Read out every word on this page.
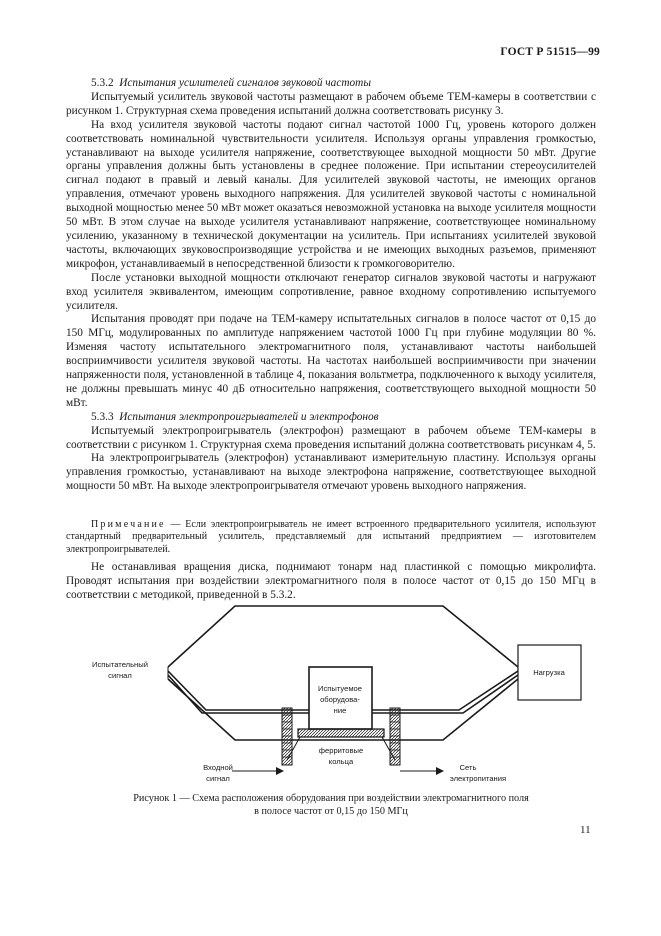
ГОСТ Р 51515—99

5.3.2 Испытания усилителей сигналов звуковой частоты

Испытуемый усилитель звуковой частоты размещают в рабочем объеме ТЕМ-камеры в соответствии с рисунком 1. Структурная схема проведения испытаний должна соответствовать рисунку 3.

На вход усилителя звуковой частоты подают сигнал частотой 1000 Гц, уровень которого должен соответствовать номинальной чувствительности усилителя. Используя органы управления громкостью, устанавливают на выходе усилителя напряжение, соответствующее выходной мощности 50 мВт. Другие органы управления должны быть установлены в среднее положение. При испытании стереоусилителей сигнал подают в правый и левый каналы. Для усилителей звуковой частоты, не имеющих органов управления, отмечают уровень выходного напряжения. Для усилителей звуковой частоты с номинальной выходной мощностью менее 50 мВт может оказаться невозможной установка на выходе усилителя мощности 50 мВт. В этом случае на выходе усилителя устанавливают напряжение, соответствующее номинальному усилению, указанному в технической документации на усилитель. При испытаниях усилителей звуковой частоты, включающих звуковоспроизводящие устройства и не имеющих выходных разъемов, применяют микрофон, устанавливаемый в непосредственной близости к громкоговорителю.

После установки выходной мощности отключают генератор сигналов звуковой частоты и нагружают вход усилителя эквивалентом, имеющим сопротивление, равное входному сопротивлению испытуемого усилителя.

Испытания проводят при подаче на ТЕМ-камеру испытательных сигналов в полосе частот от 0,15 до 150 МГц, модулированных по амплитуде напряжением частотой 1000 Гц при глубине модуляции 80 %. Изменяя частоту испытательного электромагнитного поля, устанавливают частоты наибольшей восприимчивости усилителя звуковой частоты. На частотах наибольшей восприимчивости при значении напряженности поля, установленной в таблице 4, показания вольтметра, подключенного к выходу усилителя, не должны превышать минус 40 дБ относительно напряжения, соответствующего выходной мощности 50 мВт.

5.3.3 Испытания электропроигрывателей и электрофонов

Испытуемый электропроигрыватель (электрофон) размещают в рабочем объеме ТЕМ-камеры в соответствии с рисунком 1. Структурная схема проведения испытаний должна соответствовать рисункам 4, 5.

На электропроигрыватель (электрофон) устанавливают измерительную пластину. Используя органы управления громкостью, устанавливают на выходе электрофона напряжение, соответствующее выходной мощности 50 мВт. На выходе электропроигрывателя отмечают уровень выходного напряжения.

Примечание — Если электропроигрыватель не имеет встроенного предварительного усилителя, используют стандартный предварительный усилитель, представляемый для испытаний предприятием — изготовителем электропроигрывателей.

Не останавливая вращения диска, поднимают тонарм над пластинкой с помощью микролифта. Проводят испытания при воздействии электромагнитного поля в полосе частот от 0,15 до 150 МГц в соответствии с методикой, приведенной в 5.3.2.

Испытательный
сигнал	Нагрузка
Испытуемое
оборудова-
ние
ферритовые
кольца
Входной
сигнал
Сеть
электропитания
Рисунок 1 — Схема расположения оборудования при воздействии электромагнитного поля
в полосе частот от 0,15 до 150 МГц
11
